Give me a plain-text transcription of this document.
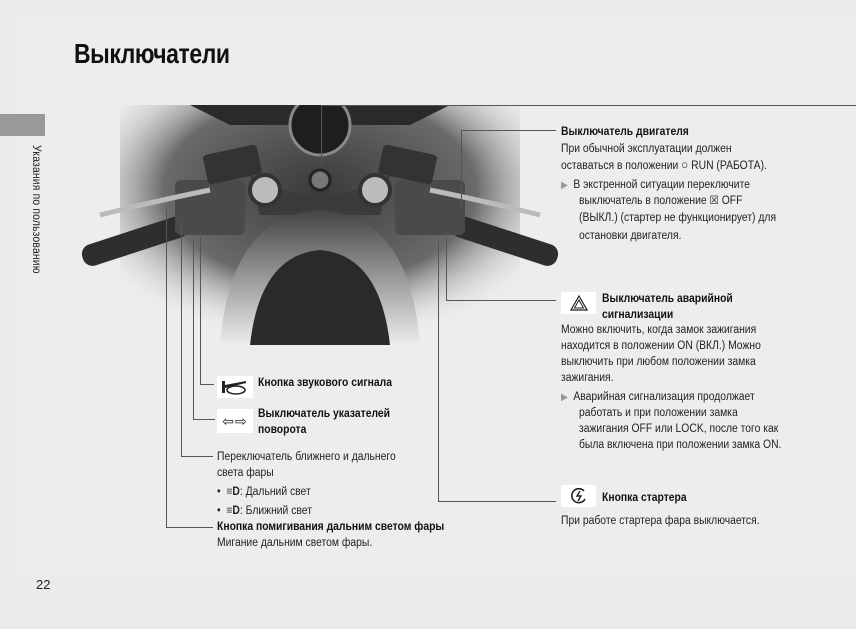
Выключатели
Указания по пользованию
22
Выключатель двигателя
При обычной эксплуатации должен
оставаться в положении ○ RUN (РАБОТА).
▶ В экстренной ситуации переключите
выключатель в положение ☒ OFF
(ВЫКЛ.) (стартер не функционирует) для
остановки двигателя.
Выключатель аварийной
сигнализации
Можно включить, когда замок зажигания
находится в положении ON (ВКЛ.) Можно
выключить при любом положении замка
зажигания.
▶ Аварийная сигнализация продолжает
работать и при положении замка
зажигания OFF или LOCK, после того как
была включена при положении замка ON.
Кнопка стартера
При работе стартера фара выключается.
Кнопка звукового сигнала
⇦⇨ Выключатель указателей
поворота
Переключатель ближнего и дальнего
света фары
•  ≡D: Дальний свет
•  ≡D: Ближний свет
Кнопка помигивания дальним светом фары
Мигание дальним светом фары.
